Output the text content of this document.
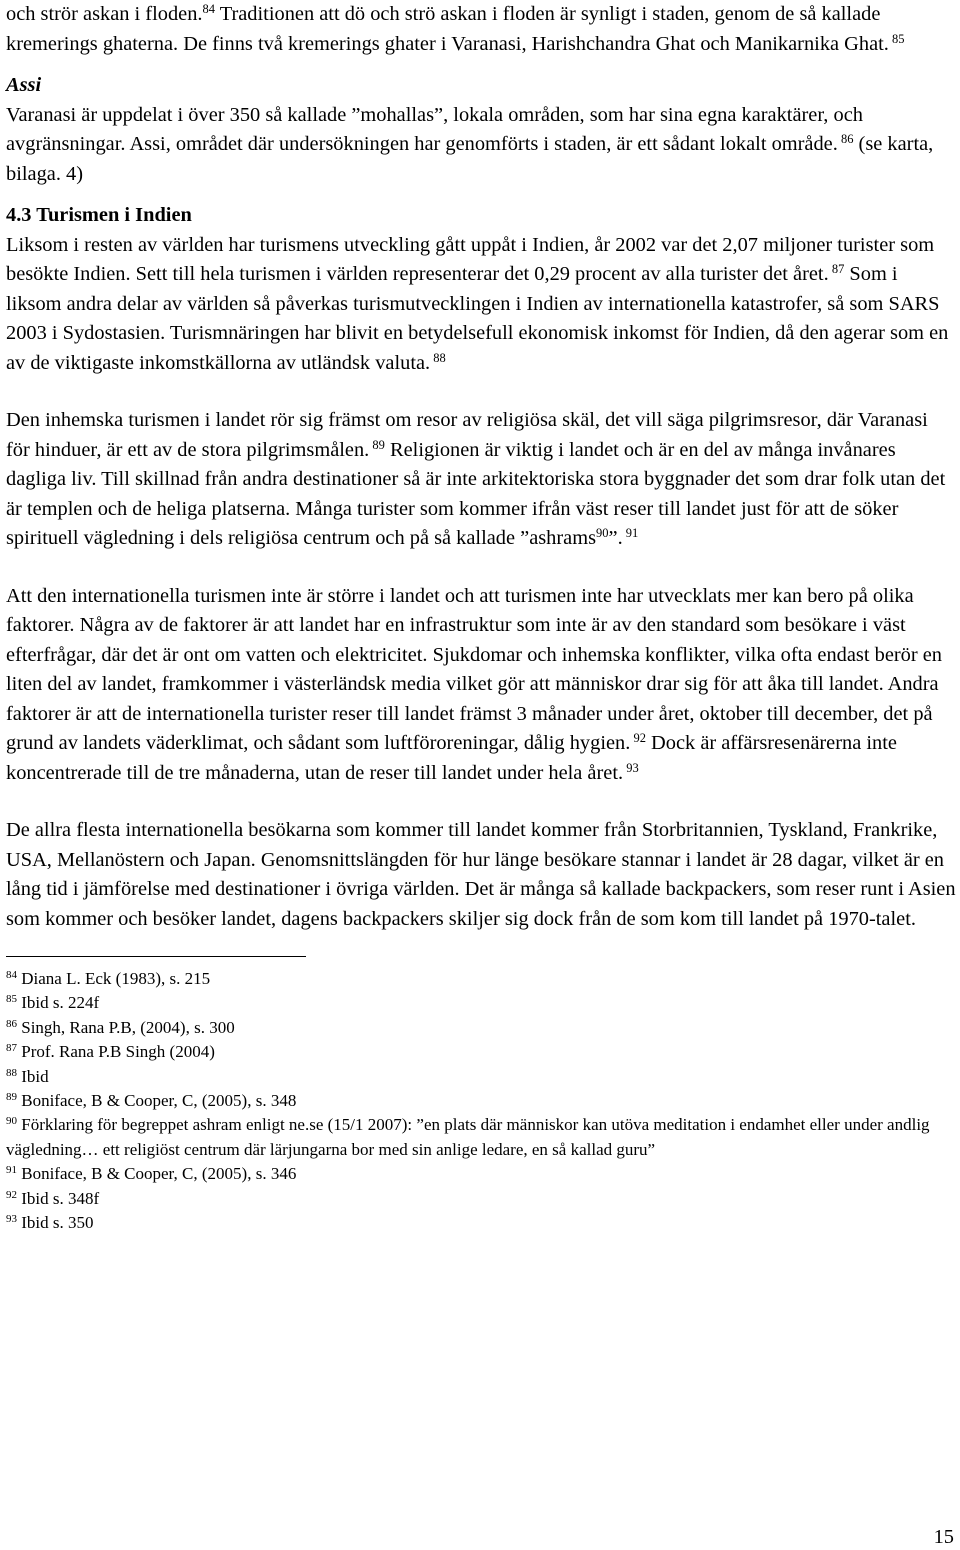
och strör askan i floden.$^{84}$ Traditionen att dö och strö askan i floden är synligt i staden, genom de så kallade kremerings ghaterna. De finns två kremerings ghater i Varanasi, Harishchandra Ghat och Manikarnika Ghat. $^{85}$

Assi

Varanasi är uppdelat i över 350 så kallade ”mohallas”, lokala områden, som har sina egna karaktärer, och avgränsningar. Assi, området där undersökningen har genomförts i staden, är ett sådant lokalt område. $^{86}$ (se karta, bilaga. 4)

4.3 Turismen i Indien

Liksom i resten av världen har turismens utveckling gått uppåt i Indien, år 2002 var det 2,07 miljoner turister som besökte Indien. Sett till hela turismen i världen representerar det 0,29 procent av alla turister det året. $^{87}$ Som i liksom andra delar av världen så påverkas turismutvecklingen i Indien av internationella katastrofer, så som SARS 2003 i Sydostasien. Turismnäringen har blivit en betydelsefull ekonomisk inkomst för Indien, då den agerar som en av de viktigaste inkomstkällorna av utländsk valuta. $^{88}$

Den inhemska turismen i landet rör sig främst om resor av religiösa skäl, det vill säga pilgrimsresor, där Varanasi för hinduer, är ett av de stora pilgrimsmålen. $^{89}$ Religionen är viktig i landet och är en del av många invånares dagliga liv. Till skillnad från andra destinationer så är inte arkitektoriska stora byggnader det som drar folk utan det är templen och de heliga platserna. Många turister som kommer ifrån väst reser till landet just för att de söker spirituell vägledning i dels religiösa centrum och på så kallade ”ashrams$^{90}$”. $^{91}$

Att den internationella turismen inte är större i landet och att turismen inte har utvecklats mer kan bero på olika faktorer. Några av de faktorer är att landet har en infrastruktur som inte är av den standard som besökare i väst efterfrågar, där det är ont om vatten och elektricitet. Sjukdomar och inhemska konflikter, vilka ofta endast berör en liten del av landet, framkommer i västerländsk media vilket gör att människor drar sig för att åka till landet. Andra faktorer är att de internationella turister reser till landet främst 3 månader under året, oktober till december, det på grund av landets väderklimat, och sådant som luftföroreningar, dålig hygien. $^{92}$ Dock är affärsresenärerna inte koncentrerade till de tre månaderna, utan de reser till landet under hela året. $^{93}$

De allra flesta internationella besökarna som kommer till landet kommer från Storbritannien, Tyskland, Frankrike, USA, Mellanöstern och Japan. Genomsnittslängden för hur länge besökare stannar i landet är 28 dagar, vilket är en lång tid i jämförelse med destinationer i övriga världen. Det är många så kallade backpackers, som reser runt i Asien som kommer och besöker landet, dagens backpackers skiljer sig dock från de som kom till landet på 1970-talet.

$^{84}$ Diana L. Eck (1983), s. 215

$^{85}$ Ibid s. 224f

$^{86}$ Singh, Rana P.B, (2004), s. 300

$^{87}$ Prof. Rana P.B Singh (2004)

$^{88}$ Ibid

$^{89}$ Boniface, B & Cooper, C, (2005), s. 348

$^{90}$ Förklaring för begreppet ashram enligt ne.se (15/1 2007): ”en plats där människor kan utöva meditation i endamhet eller under andlig vägledning… ett religiöst centrum där lärjungarna bor med sin anlige ledare, en så kallad guru”

$^{91}$ Boniface, B & Cooper, C, (2005), s. 346

$^{92}$ Ibid s. 348f

$^{93}$ Ibid s. 350

15
